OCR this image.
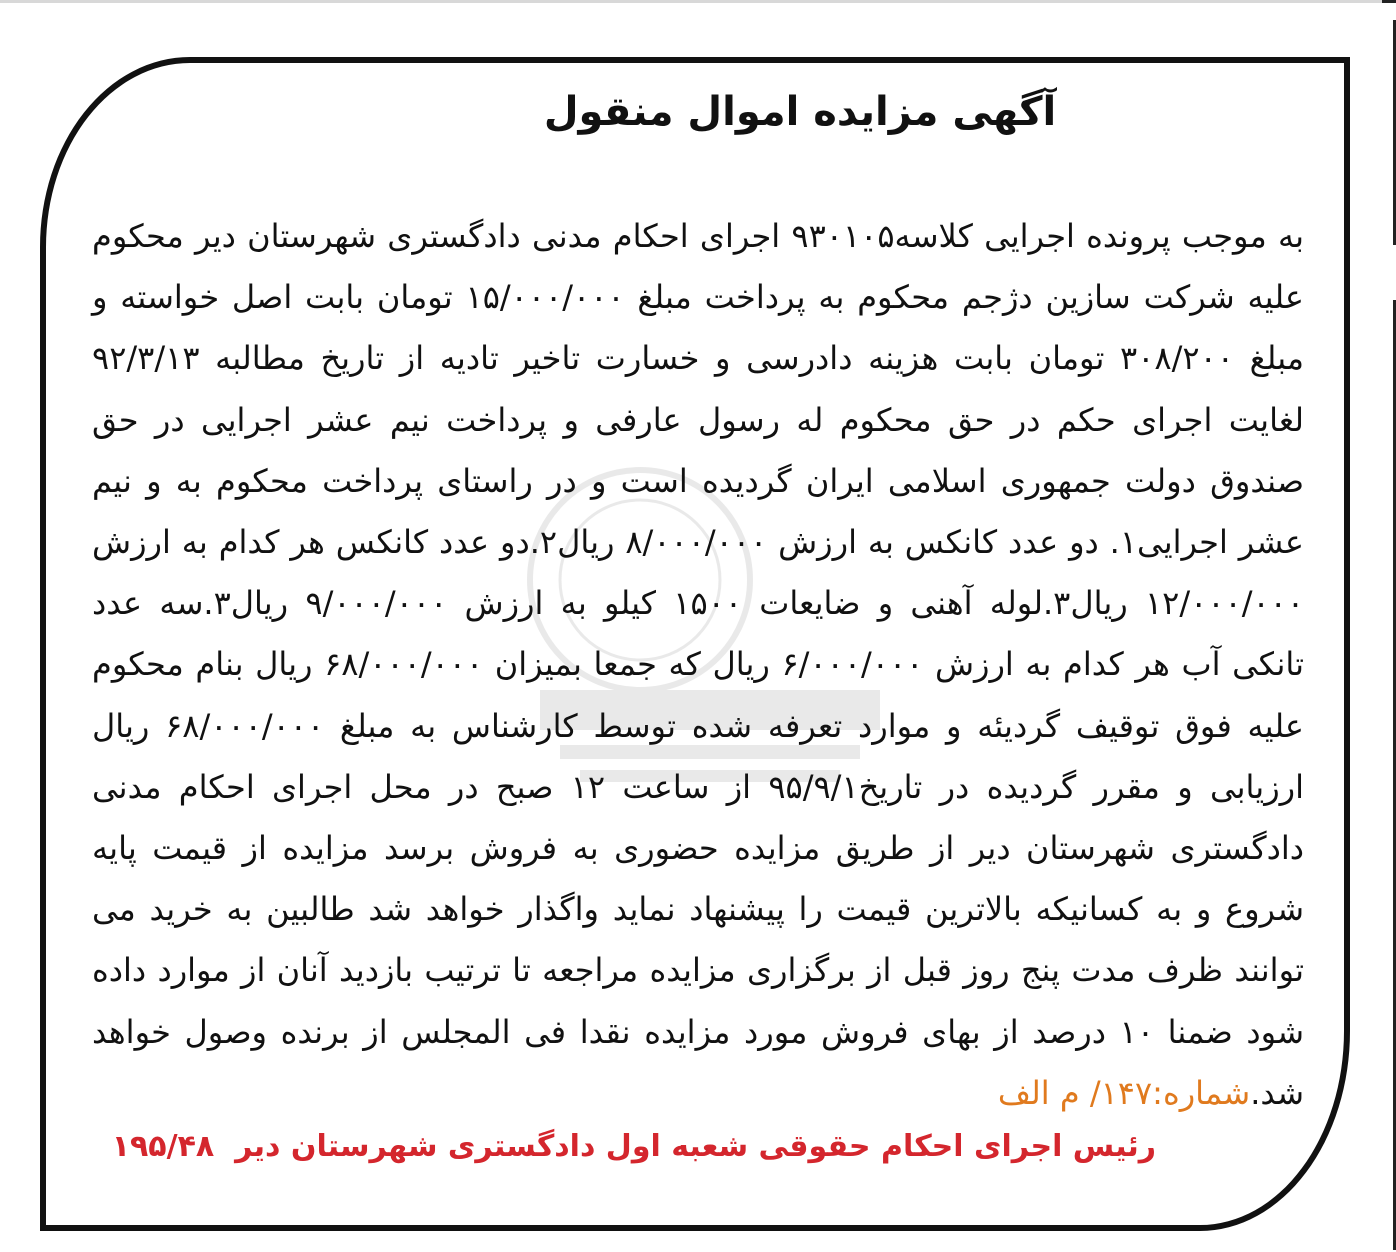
آگهی مزایده اموال منقول

به موجب پرونده اجرایی کلاسه۹۳۰۱۰۵ اجرای احکام مدنی دادگستری شهرستان دیر محکوم علیه شرکت سازین دژجم محکوم به پرداخت مبلغ ۱۵/۰۰۰/۰۰۰ تومان بابت اصل خواسته و مبلغ ۳۰۸/۲۰۰ تومان بابت هزینه دادرسی و خسارت تاخیر تادیه از تاریخ مطالبه ۹۲/۳/۱۳ لغایت اجرای حکم در حق محکوم له رسول عارفی و پرداخت نیم عشر اجرایی در حق صندوق دولت جمهوری اسلامی ایران گردیده است و در راستای پرداخت محکوم به و نیم عشر اجرایی۱. دو عدد کانکس به ارزش ۸/۰۰۰/۰۰۰ ریال۲.دو عدد کانکس هر کدام به ارزش ۱۲/۰۰۰/۰۰۰ ریال۳.لوله آهنی و ضایعات ۱۵۰۰ کیلو به ارزش ۹/۰۰۰/۰۰۰ ریال۳.سه عدد تانکی آب هر کدام به ارزش ۶/۰۰۰/۰۰۰ ریال که جمعا بمیزان ۶۸/۰۰۰/۰۰۰ ریال بنام محکوم علیه فوق توقیف گردیئه و موارد تعرفه شده توسط کارشناس به مبلغ ۶۸/۰۰۰/۰۰۰ ریال ارزیابی و مقرر گردیده در تاریخ۹۵/۹/۱ از ساعت ۱۲ صبح در محل اجرای احکام مدنی دادگستری شهرستان دیر از طریق مزایده حضوری به فروش برسد مزایده از قیمت پایه شروع و به کسانیکه بالاترین قیمت را پیشنهاد نماید واگذار خواهد شد طالبین به خرید می توانند ظرف مدت پنج روز قبل از برگزاری مزایده مراجعه تا ترتیب بازدید آنان از موارد داده شود ضمنا ۱۰ درصد از بهای فروش مورد مزایده نقدا فی المجلس از برنده وصول خواهد شد.شماره:۱۴۷/ م الف

رئیس اجرای احکام حقوقی شعبه اول دادگستری شهرستان دیر  ۱۹۵/۴۸
